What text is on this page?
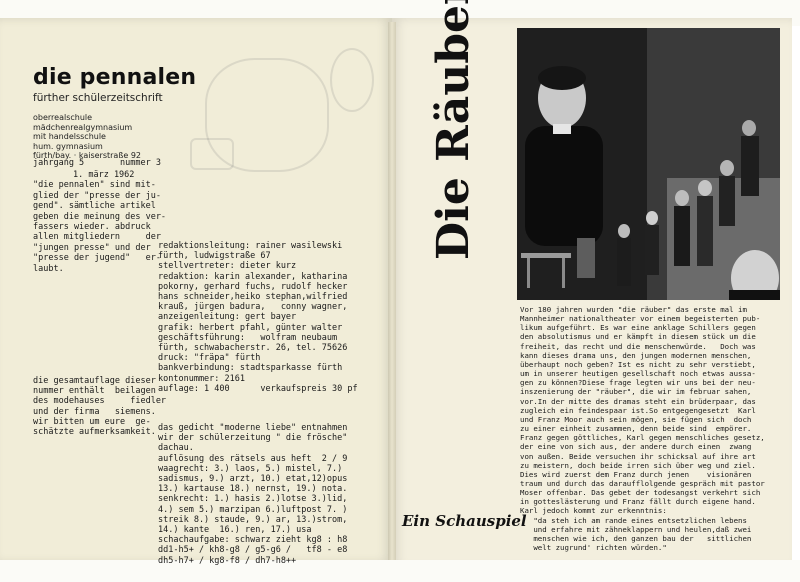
die pennalen
fürther schülerzeitschrift
oberrealschule
mädchenrealgymnasium
mit handelsschule
hum. gymnasium
fürth/bay. · kaiserstraße 92
jahrgang 5       nummer 3
1. märz 1962
"die pennalen" sind mit-
glied der "presse der ju-
gend". sämtliche artikel
geben die meinung des ver-
fassers wieder. abdruck
allen mitgliedern     der
"jungen presse" und der
"presse der jugend"   er-
laubt.
redaktionsleitung: rainer wasilewski
fürth, ludwigstraße 67
stellvertreter: dieter kurz
redaktion: karin alexander, katharina
pokorny, gerhard fuchs, rudolf hecker
hans schneider,heiko stephan,wilfried
krauß, jürgen badura,   conny wagner,
anzeigenleitung: gert bayer
grafik: herbert pfahl, günter walter
geschäftsführung:   wolfram neubaum
fürth, schwabacherstr. 26, tel. 75626
druck: "fräpa" fürth
bankverbindung: stadtsparkasse fürth
kontonummer: 2161
auflage: 1 400      verkaufspreis 30 pf
die gesamtauflage dieser
nummer enthält  beilagen
des modehauses     fiedler
und der firma   siemens.
wir bitten um eure  ge-
schätzte aufmerksamkeit. das gedicht "moderne liebe" entnahmen
wir der schülerzeitung " die frösche"
dachau.
auflösung des rätsels aus heft  2 / 9
waagrecht: 3.) laos, 5.) mistel, 7.)
sadismus, 9.) arzt, 10.) etat,12)opus
13.) kartause 18.) nernst, 19.) nota.
senkrecht: 1.) hasis 2.)lotse 3.)lid,
4.) sem 5.) marzipan 6.)luftpost 7. )
streik 8.) staude, 9.) ar, 13.)strom,
14.) kante  16.) ren, 17.) usa
schachaufgabe: schwarz zieht kg8 : h8
dd1-h5+ / kh8-g8 / g5-g6 /   tf8 - e8
dh5-h7+ / kg8-f8 / dh7-h8++
Ein Schauspiel
Vor 180 jahren wurden "die räuber" das erste mal im
Mannheimer nationaltheater vor einem begeisterten pub-
likum aufgeführt. Es war eine anklage Schillers gegen
den absolutismus und er kämpft in diesem stück um die
freiheit, das recht und die menschenwürde.   Doch was
kann dieses drama uns, den jungen modernen menschen,
überhaupt noch geben? Ist es nicht zu sehr verstiebt,
um in unserer heutigen gesellschaft noch etwas aussa-
gen zu können?Diese frage legten wir uns bei der neu-
inszenierung der "räuber", die wir im februar sahen,
vor.In der mitte des dramas steht ein brüderpaar, das
zugleich ein feindespaar ist.So entgegengesetzt  Karl
und Franz Moor auch sein mögen, sie fügen sich  doch
zu einer einheit zusammen, denn beide sind  empörer.
Franz gegen göttliches, Karl gegen menschliches gesetz,
der eine von sich aus, der andere durch einen  zwang
von außen. Beide versuchen ihr schicksal auf ihre art
zu meistern, doch beide irren sich über weg und ziel.
Dies wird zuerst dem Franz durch jenen    visionären
traum und durch das daraufflolgende gespräch mit pastor
Moser offenbar. Das gebet der todesangst verkehrt sich
in gotteslästerung und Franz fällt durch eigene hand.
Karl jedoch kommt zur erkenntnis:
"da steh ich am rande eines entsetzlichen lebens
und erfahre mit zähneklappern und heulen,daß zwei
menschen wie ich, den ganzen bau der   sittlichen
welt zugrund' richten würden."
